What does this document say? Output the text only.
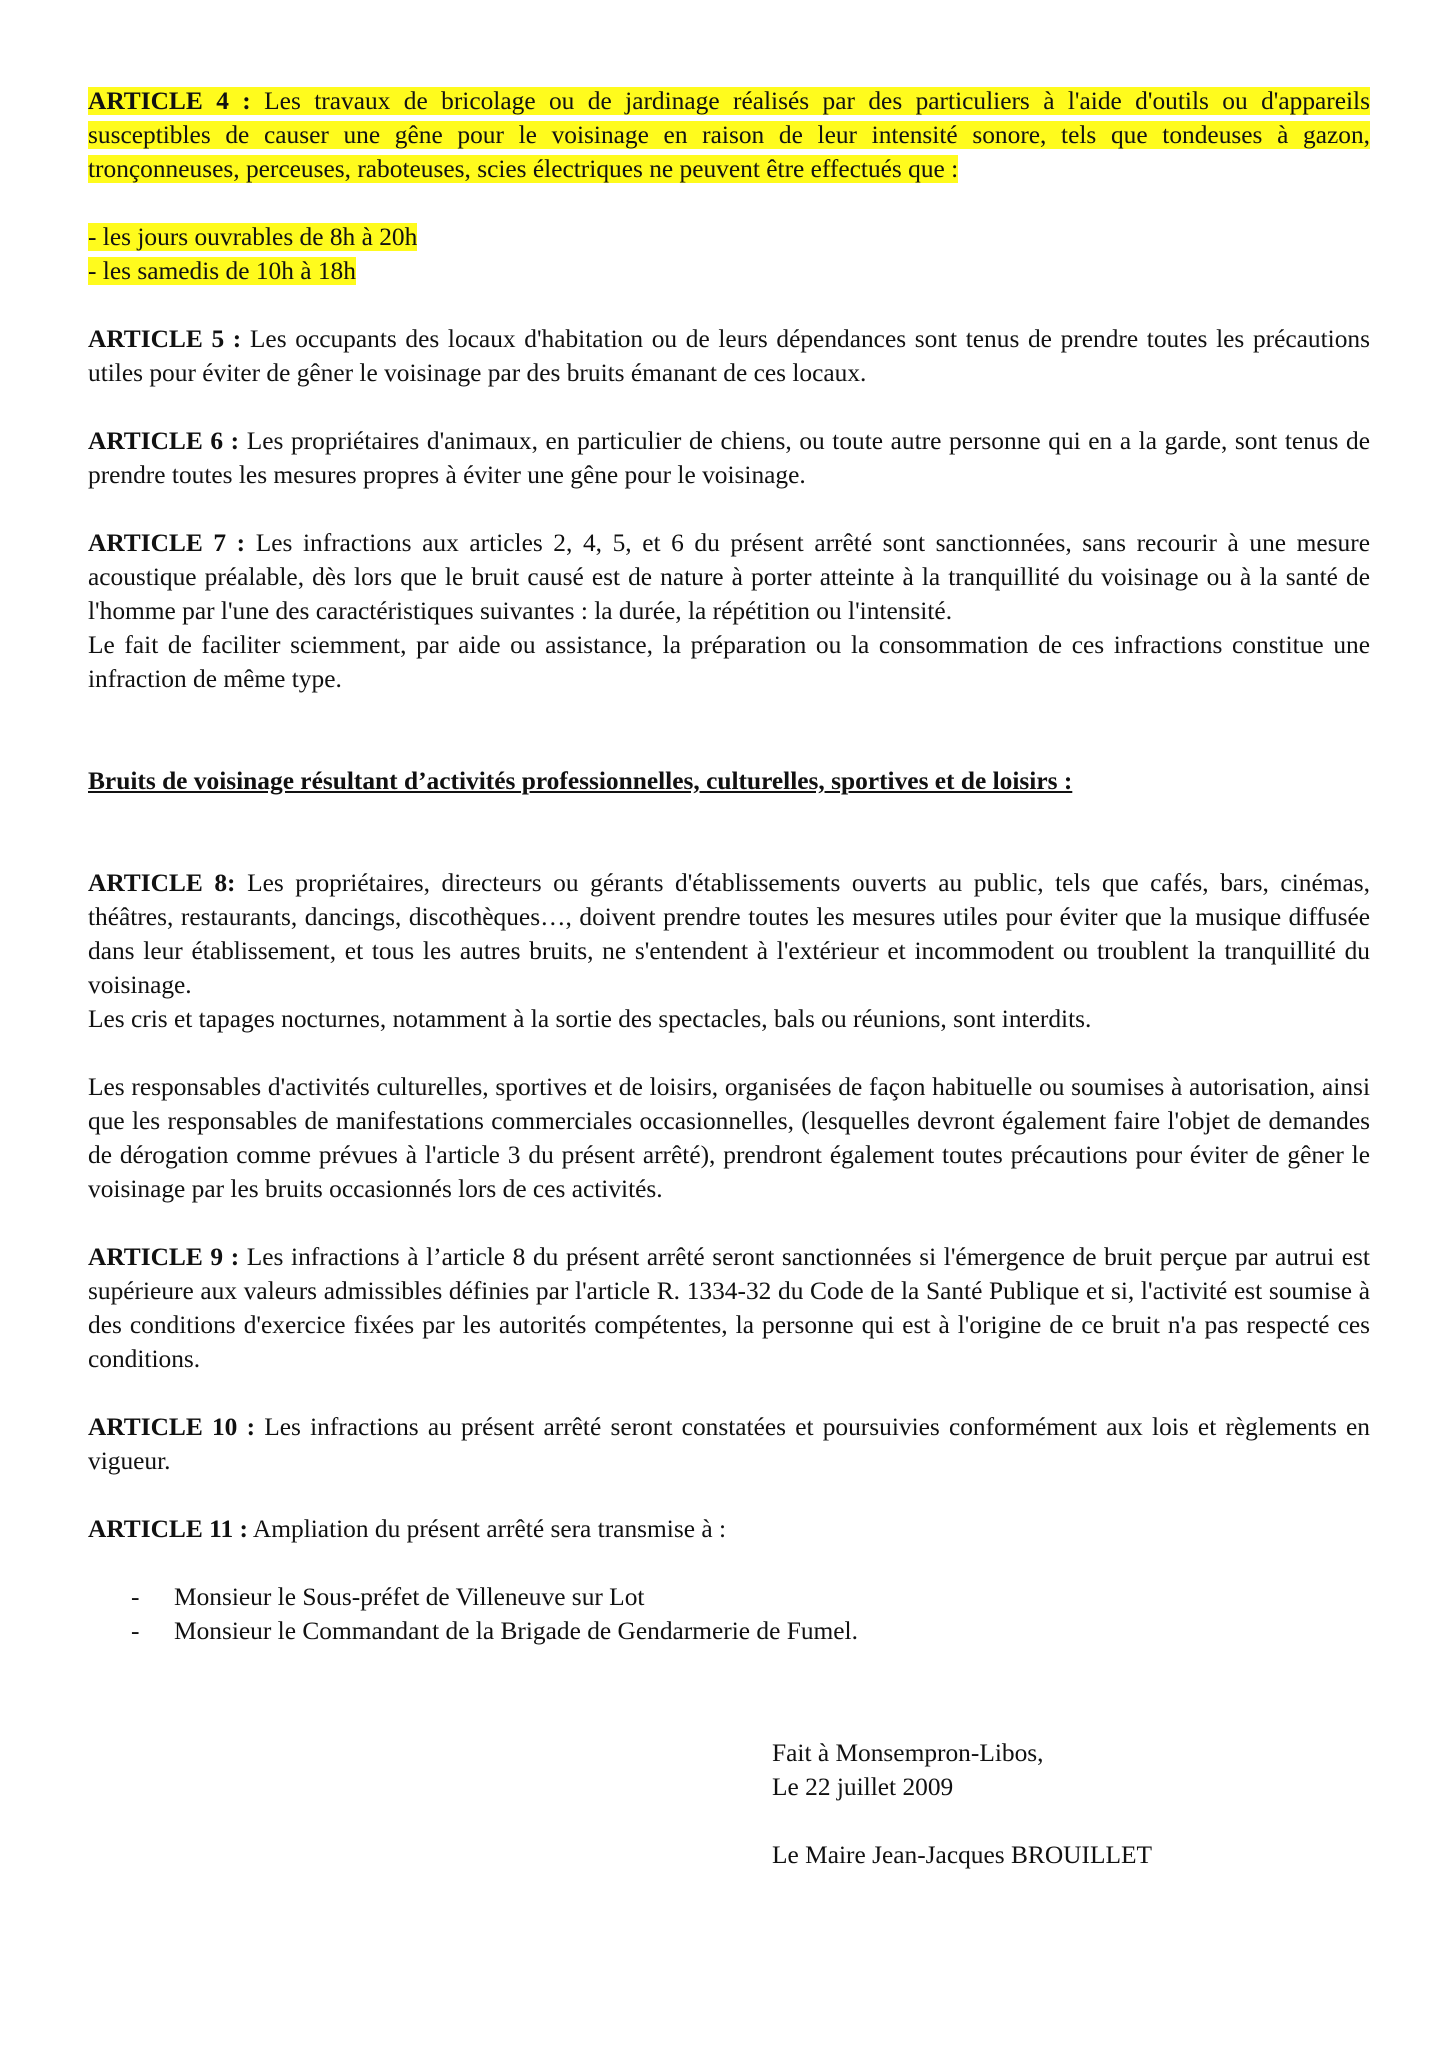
ARTICLE 4 : Les travaux de bricolage ou de jardinage réalisés par des particuliers à l'aide d'outils ou d'appareils susceptibles de causer une gêne pour le voisinage en raison de leur intensité sonore, tels que tondeuses à gazon, tronçonneuses, perceuses, raboteuses, scies électriques ne peuvent être effectués que :

- les jours ouvrables de 8h à 20h

- les samedis de 10h à 18h

ARTICLE 5 : Les occupants des locaux d'habitation ou de leurs dépendances sont tenus de prendre toutes les précautions utiles pour éviter de gêner le voisinage par des bruits émanant de ces locaux.

ARTICLE 6 : Les propriétaires d'animaux, en particulier de chiens, ou toute autre personne qui en a la garde, sont tenus de prendre toutes les mesures propres à éviter une gêne pour le voisinage.

ARTICLE 7 : Les infractions aux articles 2, 4, 5, et 6 du présent arrêté sont sanctionnées, sans recourir à une mesure acoustique préalable, dès lors que le bruit causé est de nature à porter atteinte à la tranquillité du voisinage ou à la santé de l'homme par l'une des caractéristiques suivantes : la durée, la répétition ou l'intensité.

Le fait de faciliter sciemment, par aide ou assistance, la préparation ou la consommation de ces infractions constitue une infraction de même type.

Bruits de voisinage résultant d’activités professionnelles, culturelles, sportives et de loisirs :

ARTICLE 8: Les propriétaires, directeurs ou gérants d'établissements ouverts au public, tels que cafés, bars, cinémas, théâtres, restaurants, dancings, discothèques…, doivent prendre toutes les mesures utiles pour éviter que la musique diffusée dans leur établissement, et tous les autres bruits, ne s'entendent à l'extérieur et incommodent ou troublent la tranquillité du voisinage.

Les cris et tapages nocturnes, notamment à la sortie des spectacles, bals ou réunions, sont interdits.

Les responsables d'activités culturelles, sportives et de loisirs, organisées de façon habituelle ou soumises à autorisation, ainsi que les responsables de manifestations commerciales occasionnelles, (lesquelles devront également faire l'objet de demandes de dérogation comme prévues à l'article 3 du présent arrêté), prendront également toutes précautions pour éviter de gêner le voisinage par les bruits occasionnés lors de ces activités.

ARTICLE 9 : Les infractions à l’article 8 du présent arrêté seront sanctionnées si l'émergence de bruit perçue par autrui est supérieure aux valeurs admissibles définies par l'article R. 1334-32 du Code de la Santé Publique et si, l'activité est soumise à des conditions d'exercice fixées par les autorités compétentes, la personne qui est à l'origine de ce bruit n'a pas respecté ces conditions.

ARTICLE 10 : Les infractions au présent arrêté seront constatées et poursuivies conformément aux lois et règlements en vigueur.

ARTICLE 11 : Ampliation du présent arrêté sera transmise à :

- Monsieur le Sous-préfet de Villeneuve sur Lot
- Monsieur le Commandant de la Brigade de Gendarmerie de Fumel.

Fait à Monsempron-Libos,

Le 22 juillet 2009

Le Maire Jean-Jacques BROUILLET
